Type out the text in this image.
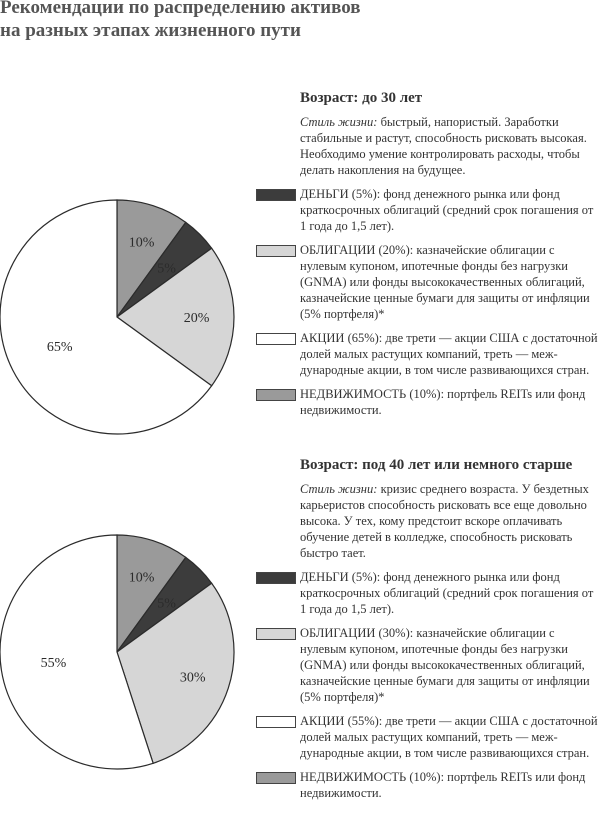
Рекомендации по распределению активов
на разных этапах жизненного пути
10%
5%
20%
65%
Возраст: до 30 лет
Стиль жизни: быстрый, напористый. Заработки стабильные и растут, способность рисковать высокая. Необходимо умение контролировать расходы, чтобы делать накопления на будущее.
ДЕНЬГИ (5%): фонд денежного рынка или фонд краткосрочных облигаций (средний срок погашения от 1 года до 1,5 лет).
ОБЛИГАЦИИ (20%): казначейские облигации с нулевым купоном, ипотечные фонды без нагрузки (GNMA) или фонды высококачественных облигаций, казначейские ценные бумаги для защиты от инфляции (5% портфеля)*
АКЦИИ (65%): две трети — акции США с достаточной долей малых растущих компаний, треть — международные акции, в том числе развивающихся стран.
НЕДВИЖИМОСТЬ (10%): портфель REITs или фонд недвижимости.
10%
5%
30%
55%
Возраст: под 40 лет или немного старше
Стиль жизни: кризис среднего возраста. У бездетных карьеристов способность рисковать все еще довольно высока. У тех, кому предстоит вскоре оплачивать обучение детей в колледже, способность рисковать быстро тает.
ДЕНЬГИ (5%): фонд денежного рынка или фонд краткосрочных облигаций (средний срок погашения от 1 года до 1,5 лет).
ОБЛИГАЦИИ (30%): казначейские облигации с нулевым купоном, ипотечные фонды без нагрузки (GNMA) или фонды высококачественных облигаций, казначейские ценные бумаги для защиты от инфляции (5% портфеля)*
АКЦИИ (55%): две трети — акции США с достаточной долей малых растущих компаний, треть — международные акции, в том числе развивающихся стран.
НЕДВИЖИМОСТЬ (10%): портфель REITs или фонд недвижимости.
